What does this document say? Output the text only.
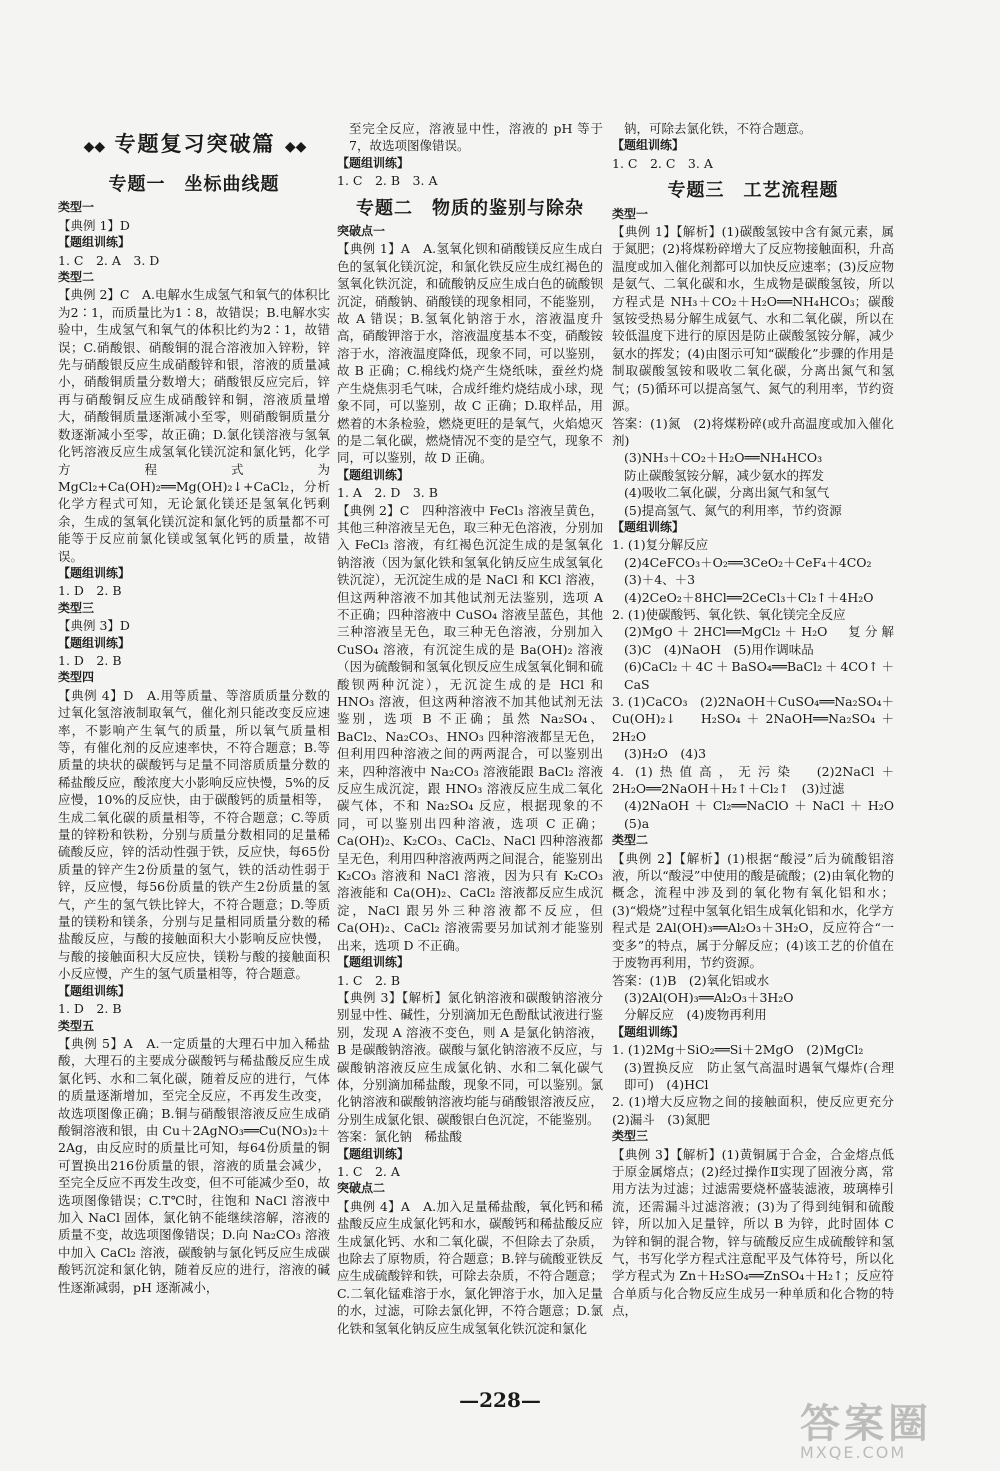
◆◆ 专题复习突破篇 ◆◆
专题一　坐标曲线题

类型一

【典例 1】D

【题组训练】

1. C　2. A　3. D

类型二

【典例 2】C　A.电解水生成氢气和氧气的体积比为2∶1，而质量比为1∶8，故错误；B.电解水实验中，生成氢气和氧气的体积比约为2∶1，故错误；C.硝酸银、硝酸铜的混合溶液加入锌粉，锌先与硝酸银反应生成硝酸锌和银，溶液的质量减小，硝酸铜质量分数增大；硝酸银反应完后，锌再与硝酸铜反应生成硝酸锌和铜，溶液质量增大，硝酸铜质量逐渐减小至零，则硝酸铜质量分数逐渐减小至零，故正确；D.氯化镁溶液与氢氧化钙溶液反应生成氢氧化镁沉淀和氯化钙，化学方程式为 MgCl₂+Ca(OH)₂══Mg(OH)₂↓+CaCl₂，分析化学方程式可知，无论氯化镁还是氢氧化钙剩余，生成的氢氧化镁沉淀和氯化钙的质量都不可能等于反应前氯化镁或氢氧化钙的质量，故错误。

【题组训练】

1. D　2. B

类型三

【典例 3】D

【题组训练】

1. D　2. B

类型四

【典例 4】D　A.用等质量、等溶质质量分数的过氧化氢溶液制取氧气，催化剂只能改变反应速率，不影响产生氧气的质量，所以氧气质量相等，有催化剂的反应速率快，不符合题意；B.等质量的块状的碳酸钙与足量不同溶质质量分数的稀盐酸反应，酸浓度大小影响反应快慢，5%的反应慢，10%的反应快，由于碳酸钙的质量相等，生成二氧化碳的质量相等，不符合题意；C.等质量的锌粉和铁粉，分别与质量分数相同的足量稀硫酸反应，锌的活动性强于铁，反应快，每65份质量的锌产生2份质量的氢气，铁的活动性弱于锌，反应慢，每56份质量的铁产生2份质量的氢气，产生的氢气铁比锌大，不符合题意；D.等质量的镁粉和镁条，分别与足量相同质量分数的稀盐酸反应，与酸的接触面积大小影响反应快慢，与酸的接触面积大反应快，镁粉与酸的接触面积小反应慢，产生的氢气质量相等，符合题意。

【题组训练】

1. D　2. B

类型五

【典例 5】A　A.一定质量的大理石中加入稀盐酸，大理石的主要成分碳酸钙与稀盐酸反应生成氯化钙、水和二氧化碳，随着反应的进行，气体的质量逐渐增加，至完全反应，不再发生改变，故选项图像正确；B.铜与硝酸银溶液反应生成硝酸铜溶液和银，由 Cu＋2AgNO₃══Cu(NO₃)₂＋2Ag，由反应时的质量比可知，每64份质量的铜可置换出216份质量的银，溶液的质量会减少，至完全反应不再发生改变，但不可能减少至0，故选项图像错误；C.T℃时，往饱和 NaCl 溶液中加入 NaCl 固体，氯化钠不能继续溶解，溶液的质量不变，故选项图像错误；D.向 Na₂CO₃ 溶液中加入 CaCl₂ 溶液，碳酸钠与氯化钙反应生成碳酸钙沉淀和氯化钠，随着反应的进行，溶液的碱性逐渐减弱，pH 逐渐减小，

至完全反应，溶液显中性，溶液的 pH 等于7，故选项图像错误。

【题组训练】

1. C　2. B　3. A

专题二　物质的鉴别与除杂

突破点一

【典例 1】A　A.氢氧化钡和硝酸镁反应生成白色的氢氧化镁沉淀，和氯化铁反应生成红褐色的氢氧化铁沉淀，和硫酸钠反应生成白色的硫酸钡沉淀，硝酸钠、硝酸镁的现象相同，不能鉴别，故 A 错误；B.氢氧化钠溶于水，溶液温度升高，硝酸钾溶于水，溶液温度基本不变，硝酸铵溶于水，溶液温度降低，现象不同，可以鉴别，故 B 正确；C.棉线灼烧产生烧纸味，蚕丝灼烧产生烧焦羽毛气味，合成纤维灼烧结成小球，现象不同，可以鉴别，故 C 正确；D.取样品，用燃着的木条检验，燃烧更旺的是氧气，火焰熄灭的是二氧化碳，燃烧情况不变的是空气，现象不同，可以鉴别，故 D 正确。

【题组训练】

1. A　2. D　3. B

【典例 2】C　四种溶液中 FeCl₃ 溶液呈黄色，其他三种溶液呈无色，取三种无色溶液，分别加入 FeCl₃ 溶液，有红褐色沉淀生成的是氢氧化钠溶液（因为氯化铁和氢氧化钠反应生成氢氧化铁沉淀），无沉淀生成的是 NaCl 和 KCl 溶液，但这两种溶液不加其他试剂无法鉴别，选项 A 不正确；四种溶液中 CuSO₄ 溶液呈蓝色，其他三种溶液呈无色，取三种无色溶液，分别加入 CuSO₄ 溶液，有沉淀生成的是 Ba(OH)₂ 溶液（因为硫酸铜和氢氧化钡反应生成氢氧化铜和硫酸钡两种沉淀），无沉淀生成的是 HCl 和 HNO₃ 溶液，但这两种溶液不加其他试剂无法鉴别，选项 B 不正确；虽然 Na₂SO₄、BaCl₂、Na₂CO₃、HNO₃ 四种溶液都呈无色，但利用四种溶液之间的两两混合，可以鉴别出来，四种溶液中 Na₂CO₃ 溶液能跟 BaCl₂ 溶液反应生成沉淀，跟 HNO₃ 溶液反应生成二氧化碳气体，不和 Na₂SO₄ 反应，根据现象的不同，可以鉴别出四种溶液，选项 C 正确；Ca(OH)₂、K₂CO₃、CaCl₂、NaCl 四种溶液都呈无色，利用四种溶液两两之间混合，能鉴别出 K₂CO₃ 溶液和 NaCl 溶液，因为只有 K₂CO₃ 溶液能和 Ca(OH)₂、CaCl₂ 溶液都反应生成沉淀，NaCl 跟另外三种溶液都不反应，但 Ca(OH)₂、CaCl₂ 溶液需要另加试剂才能鉴别出来，选项 D 不正确。

【题组训练】

1. C　2. B

【典例 3】【解析】氯化钠溶液和碳酸钠溶液分别显中性、碱性，分别滴加无色酚酞试液进行鉴别，发现 A 溶液不变色，则 A 是氯化钠溶液，B 是碳酸钠溶液。碳酸与氯化钠溶液不反应，与碳酸钠溶液反应生成氯化钠、水和二氧化碳气体，分别滴加稀盐酸，现象不同，可以鉴别。氯化钠溶液和碳酸钠溶液均能与硝酸银溶液反应，分别生成氯化银、碳酸银白色沉淀，不能鉴别。

答案：氯化钠　稀盐酸

【题组训练】

1. C　2. A

突破点二

【典例 4】A　A.加入足量稀盐酸，氧化钙和稀盐酸反应生成氯化钙和水，碳酸钙和稀盐酸反应生成氯化钙、水和二氧化碳，不但除去了杂质，也除去了原物质，符合题意；B.锌与硫酸亚铁反应生成硫酸锌和铁，可除去杂质，不符合题意；C.二氧化锰难溶于水，氯化钾溶于水，加入足量的水，过滤，可除去氯化钾，不符合题意；D.氯化铁和氢氧化钠反应生成氢氧化铁沉淀和氯化

钠，可除去氯化铁，不符合题意。

【题组训练】

1. C　2. C　3. A

专题三　工艺流程题

类型一

【典例 1】【解析】(1)碳酸氢铵中含有氮元素，属于氮肥；(2)将煤粉碎增大了反应物接触面积，升高温度或加入催化剂都可以加快反应速率；(3)反应物是氨气、二氧化碳和水，生成物是碳酸氢铵，所以方程式是 NH₃＋CO₂＋H₂O══NH₄HCO₃；碳酸氢铵受热易分解生成氨气、水和二氧化碳，所以在较低温度下进行的原因是防止碳酸氢铵分解，减少氨水的挥发；(4)由图示可知“碳酸化”步骤的作用是制取碳酸氢铵和吸收二氧化碳，分离出氮气和氢气；(5)循环可以提高氢气、氮气的利用率，节约资源。

答案：(1)氮　(2)将煤粉碎(或升高温度或加入催化剂)

(3)NH₃＋CO₂＋H₂O══NH₄HCO₃

防止碳酸氢铵分解，减少氨水的挥发

(4)吸收二氧化碳，分离出氮气和氢气

(5)提高氢气、氮气的利用率，节约资源

【题组训练】

1. (1)复分解反应

(2)4CeFCO₃＋O₂══3CeO₂＋CeF₄＋4CO₂

(3)＋4、＋3

(4)2CeO₂＋8HCl══2CeCl₃＋Cl₂↑＋4H₂O

2. (1)使碳酸钙、氧化铁、氧化镁完全反应

(2)MgO＋2HCl══MgCl₂＋H₂O　复分解　(3)C　(4)NaOH　(5)用作调味品

(6)CaCl₂＋4C＋BaSO₄══BaCl₂＋4CO↑＋CaS

3. (1)CaCO₃　(2)2NaOH＋CuSO₄══Na₂SO₄＋Cu(OH)₂↓　H₂SO₄＋2NaOH══Na₂SO₄＋2H₂O

(3)H₂O　(4)3

4. (1)热值高，无污染　(2)2NaCl＋2H₂O══2NaOH＋H₂↑＋Cl₂↑　(3)过滤

(4)2NaOH＋Cl₂══NaClO＋NaCl＋H₂O　(5)a

类型二

【典例 2】【解析】(1)根据“酸浸”后为硫酸铝溶液，所以“酸浸”中使用的酸是硫酸；(2)由氧化物的概念，流程中涉及到的氧化物有氧化铝和水；(3)“煅烧”过程中氢氧化铝生成氧化铝和水，化学方程式是 2Al(OH)₃══Al₂O₃＋3H₂O，反应符合“一变多”的特点，属于分解反应；(4)该工艺的价值在于废物再利用，节约资源。

答案：(1)B　(2)氧化铝或水

(3)2Al(OH)₃══Al₂O₃＋3H₂O

分解反应　(4)废物再利用

【题组训练】

1. (1)2Mg＋SiO₂══Si＋2MgO　(2)MgCl₂

(3)置换反应　防止氢气高温时遇氧气爆炸(合理即可)　(4)HCl

2. (1)增大反应物之间的接触面积，使反应更充分　(2)漏斗　(3)氮肥

类型三

【典例 3】【解析】(1)黄铜属于合金，合金熔点低于原金属熔点；(2)经过操作Ⅱ实现了固液分离，常用方法为过滤；过滤需要烧杯盛装滤液，玻璃棒引流，还需漏斗过滤溶液；(3)为了得到纯铜和硫酸锌，所以加入足量锌，所以 B 为锌，此时固体 C 为锌和铜的混合物，锌与硫酸反应生成硫酸锌和氢气，书写化学方程式注意配平及气体符号，所以化学方程式为 Zn＋H₂SO₄══ZnSO₄＋H₂↑；反应符合单质与化合物反应生成另一种单质和化合物的特点，

—228—
答案圈
MXQE.COM
